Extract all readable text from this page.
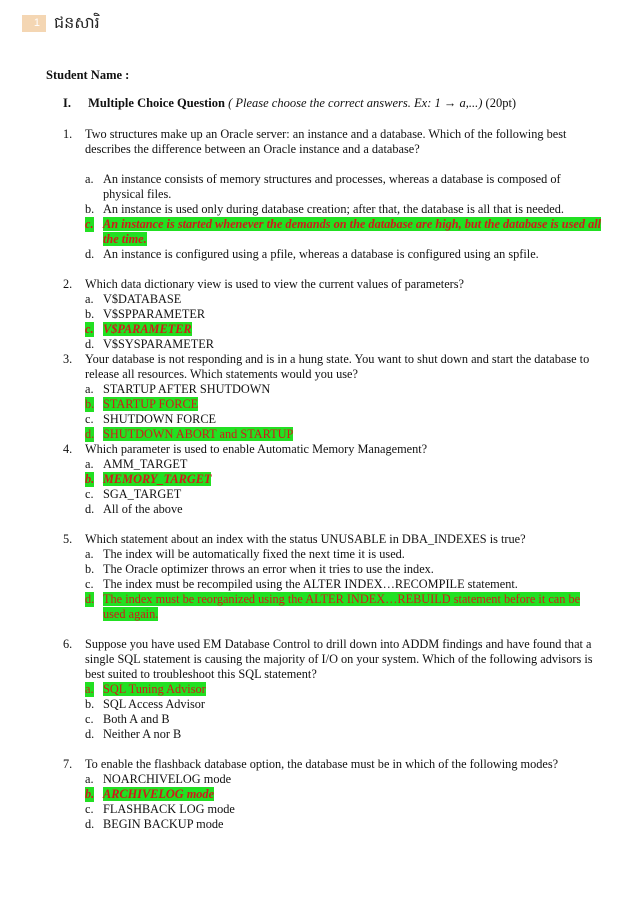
1 ជនសារិ
Student Name :
I. Multiple Choice Question ( Please choose the correct answers. Ex: 1 → a,...) (20pt)
1. Two structures make up an Oracle server: an instance and a database. Which of the following best describes the difference between an Oracle instance and a database?
a. An instance consists of memory structures and processes, whereas a database is composed of physical files.
b. An instance is used only during database creation; after that, the database is all that is needed.
c. An instance is started whenever the demands on the database are high, but the database is used all the time.
d. An instance is configured using a pfile, whereas a database is configured using an spfile.
2. Which data dictionary view is used to view the current values of parameters?
a. V$DATABASE
b. V$SPPARAMETER
c. V$PARAMETER
d. V$SYSPARAMETER
3. Your database is not responding and is in a hung state. You want to shut down and start the database to release all resources. Which statements would you use?
a. STARTUP AFTER SHUTDOWN
b. STARTUP FORCE
c. SHUTDOWN FORCE
d. SHUTDOWN ABORT and STARTUP
4. Which parameter is used to enable Automatic Memory Management?
a. AMM_TARGET
b. MEMORY_TARGET
c. SGA_TARGET
d. All of the above
5. Which statement about an index with the status UNUSABLE in DBA_INDEXES is true?
a. The index will be automatically fixed the next time it is used.
b. The Oracle optimizer throws an error when it tries to use the index.
c. The index must be recompiled using the ALTER INDEX…RECOMPILE statement.
d. The index must be reorganized using the ALTER INDEX…REBUILD statement before it can be used again.
6. Suppose you have used EM Database Control to drill down into ADDM findings and have found that a single SQL statement is causing the majority of I/O on your system. Which of the following advisors is best suited to troubleshoot this SQL statement?
a. SQL Tuning Advisor
b. SQL Access Advisor
c. Both A and B
d. Neither A nor B
7. To enable the flashback database option, the database must be in which of the following modes?
a. NOARCHIVELOG mode
b. ARCHIVELOG mode
c. FLASHBACK LOG mode
d. BEGIN BACKUP mode
